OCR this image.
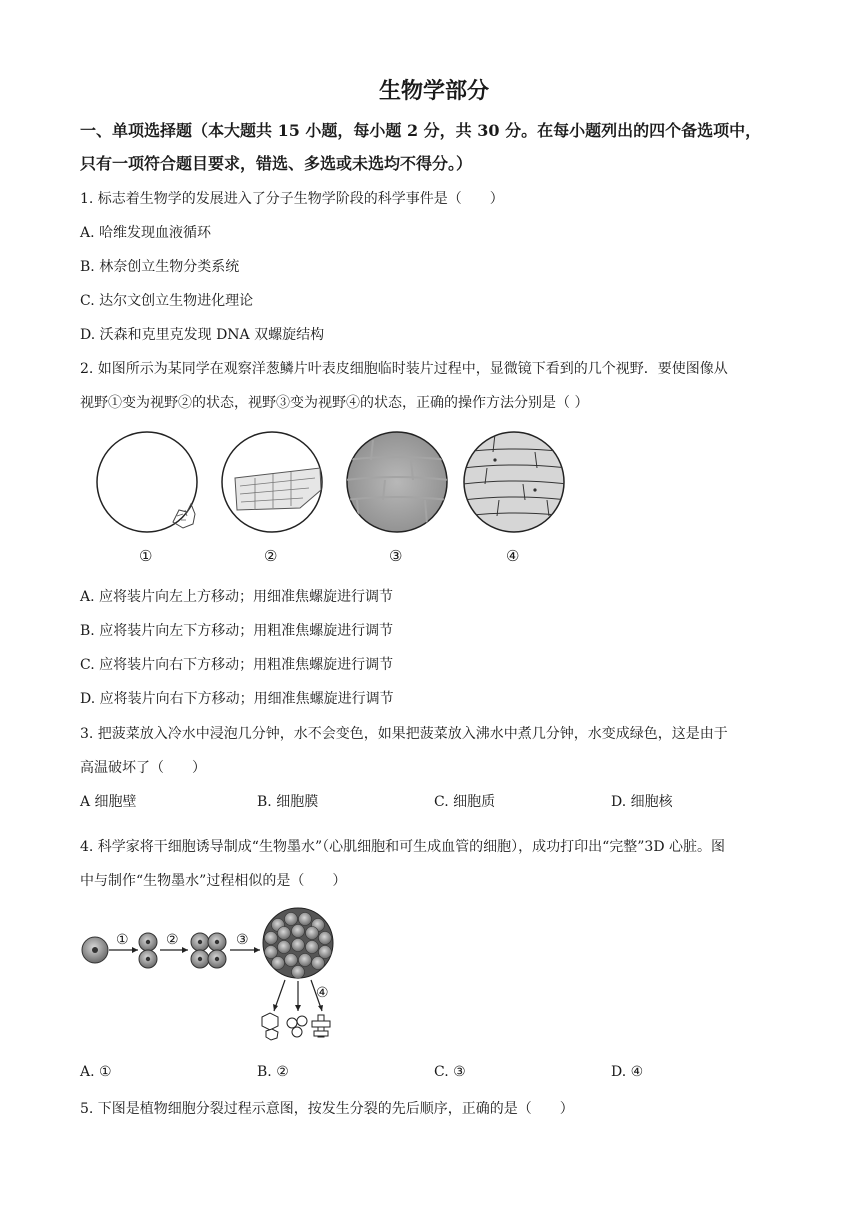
生物学部分
一、单项选择题（本大题共 15 小题，每小题 2 分，共 30 分。在每小题列出的四个备选项中，
只有一项符合题目要求，错选、多选或未选均不得分。）
1. 标志着生物学的发展进入了分子生物学阶段的科学事件是（　　）
A. 哈维发现血液循环
B. 林奈创立生物分类系统
C. 达尔文创立生物进化理论
D. 沃森和克里克发现 DNA 双螺旋结构
2. 如图所示为某同学在观察洋葱鳞片叶表皮细胞临时装片过程中，显微镜下看到的几个视野．要使图像从
视野①变为视野②的状态，视野③变为视野④的状态，正确的操作方法分别是（ ）
①	②	③	④
A. 应将装片向左上方移动；用细准焦螺旋进行调节
B. 应将装片向左下方移动；用粗准焦螺旋进行调节
C. 应将装片向右下方移动；用粗准焦螺旋进行调节
D. 应将装片向右下方移动；用细准焦螺旋进行调节
3. 把菠菜放入冷水中浸泡几分钟，水不会变色，如果把菠菜放入沸水中煮几分钟，水变成绿色，这是由于
高温破坏了（　　）
A 细胞壁	B. 细胞膜	C. 细胞质	D. 细胞核
4. 科学家将干细胞诱导制成“生物墨水”（心肌细胞和可生成血管的细胞），成功打印出“完整”3D 心脏。图
中与制作“生物墨水”过程相似的是（　　）
①	②	③
④
A. ①	B. ②	C. ③	D. ④
5. 下图是植物细胞分裂过程示意图，按发生分裂的先后顺序，正确的是（　　）
